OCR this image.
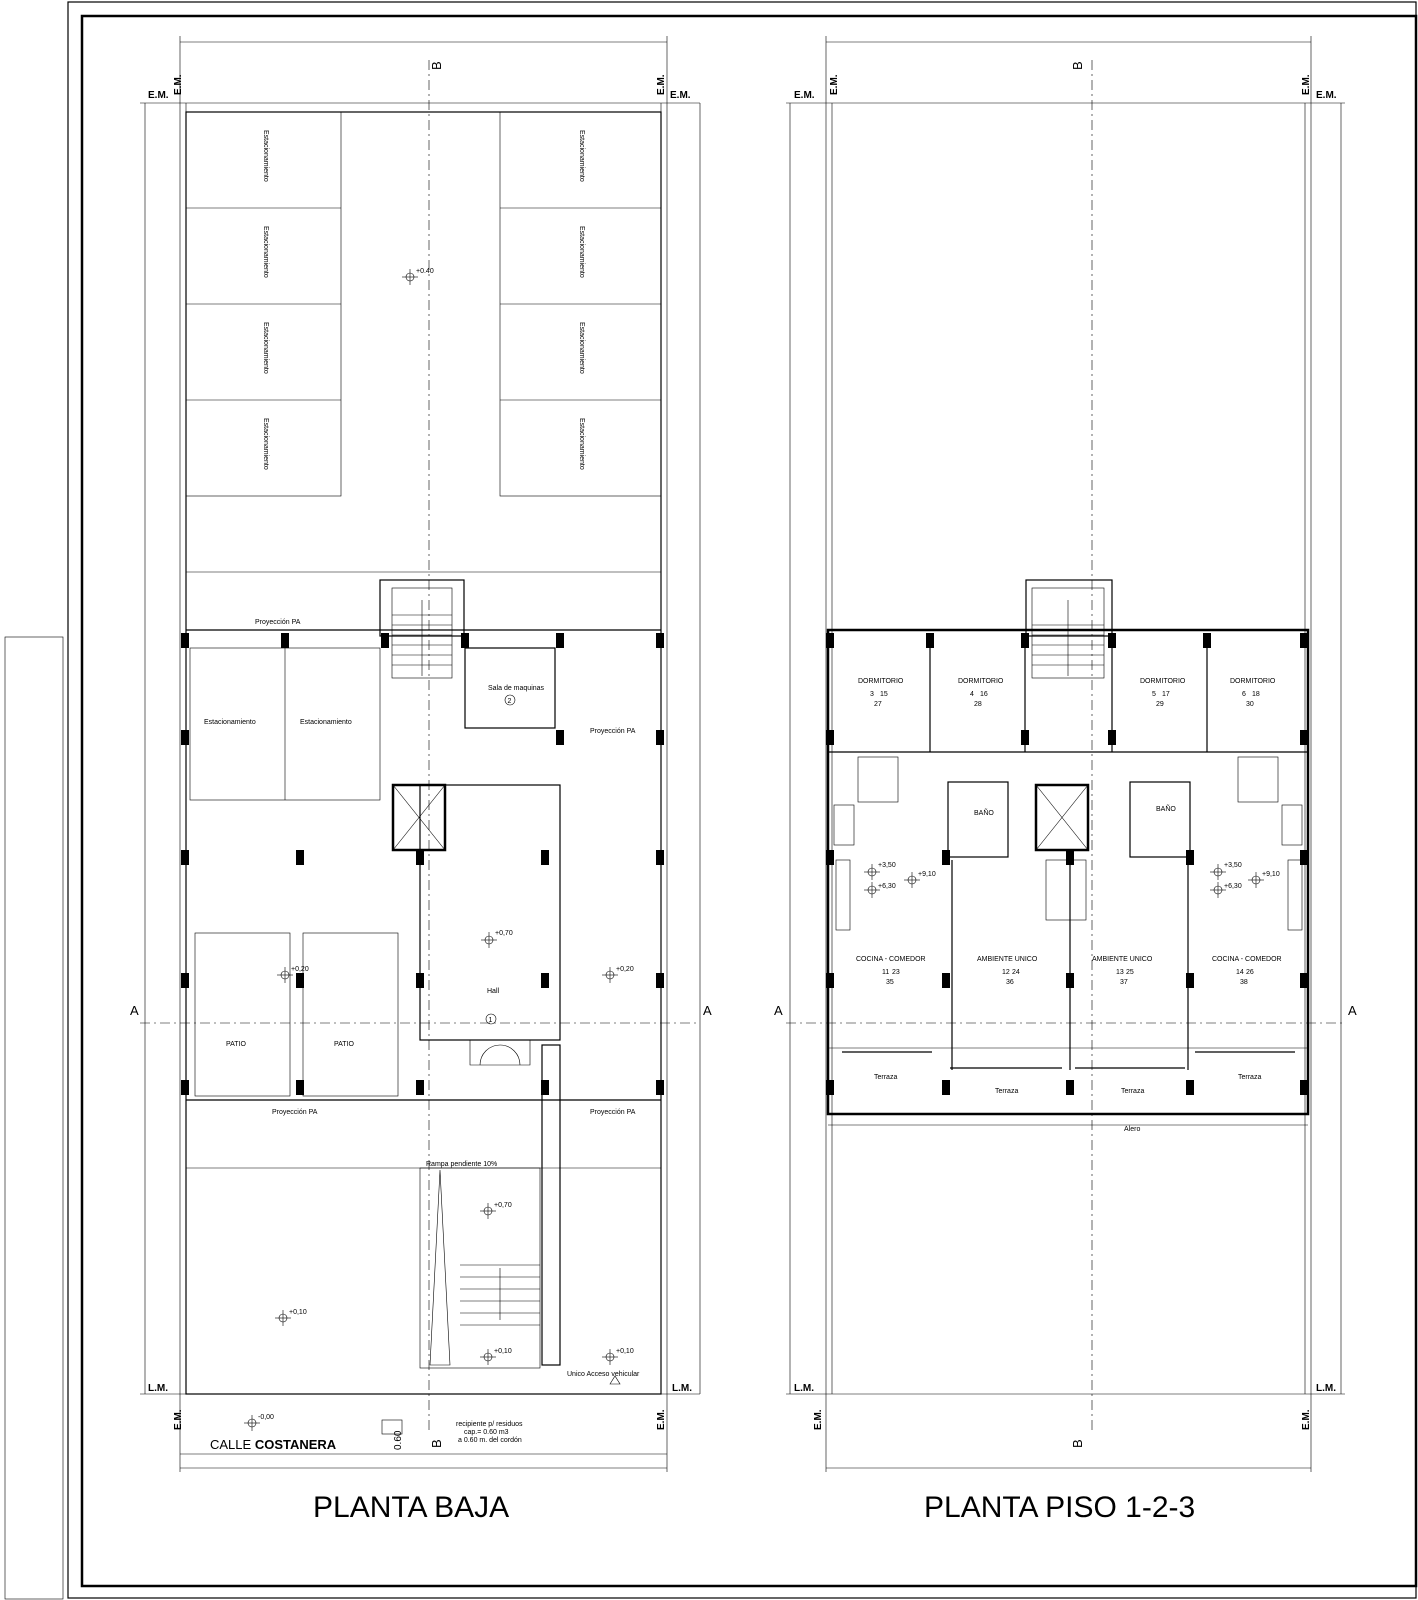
Estacionamiento
Estacionamiento
Estacionamiento
Estacionamiento
Estacionamiento
Estacionamiento
Estacionamiento
Estacionamiento
+0.40
Proyección PA
Proyección PA
Proyección PA	Proyección PA
Estacionamiento	Estacionamiento
Sala de maquinas
2
Hall
1
+0,70
PATIO	PATIO
+0,20	+0,20
Rampa pendiente 10%
+0,70
+0,10
+0,10	+0,10
Unico Acceso vehicular
-0,00
CALLE COSTANERA	0.60
recipiente p/ residuos
cap.= 0.60 m3
a 0.60 m. del cordón
E.M.	E.M.
E.M.	E.M.
L.M.	L.M.
E.M.	E.M.
A	A
B
B
Alero
DORMITORIO	DORMITORIO	DORMITORIO	DORMITORIO
3 15
27
4 16
28
5 17
29
6 18
30
BAÑO
BAÑO
COCINA - COMEDOR	AMBIENTE UNICO	AMBIENTE UNICO	COCINA - COMEDOR
11 23
35
12 24
36
13 25
37
14 26
38
+3,50
+6,30
+9,10
+3,50
+6,30
+9,10
Terraza
Terraza	Terraza
Terraza
E.M.	E.M.
E.M.	E.M.
L.M.	L.M.
E.M.	E.M.
A	A
B
B
PLANTA BAJA	PLANTA PISO 1-2-3
